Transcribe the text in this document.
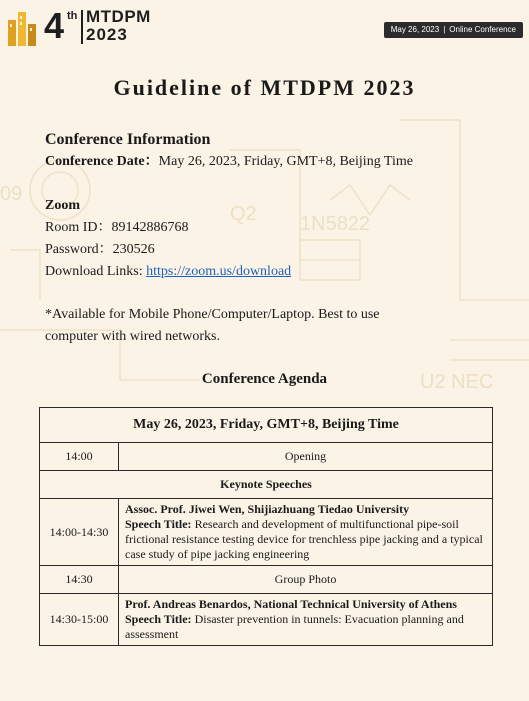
Q2 1N5822
U2 NEC
09
4 th MTDPM
2023	May 26, 2023 | Online Conference
Guideline of MTDPM 2023
Conference Information
Conference Date：May 26, 2023, Friday, GMT+8, Beijing Time
Zoom
Room ID：89142886768
Password：230526
Download Links: https://zoom.us/download
*Available for Mobile Phone/Computer/Laptop. Best to use
computer with wired networks.
Conference Agenda
May 26, 2023, Friday, GMT+8, Beijing Time	
14:00	Opening
Keynote Speeches	
14:00-14:30	Assoc. Prof. Jiwei Wen, Shijiazhuang Tiedao University
Speech Title: Research and development of multifunctional pipe-soil frictional resistance testing device for trenchless pipe jacking and a typical case study of pipe jacking engineering

14:30	Group Photo
14:30-15:00	Prof. Andreas Benardos, National Technical University of Athens
Speech Title: Disaster prevention in tunnels: Evacuation planning and assessment
